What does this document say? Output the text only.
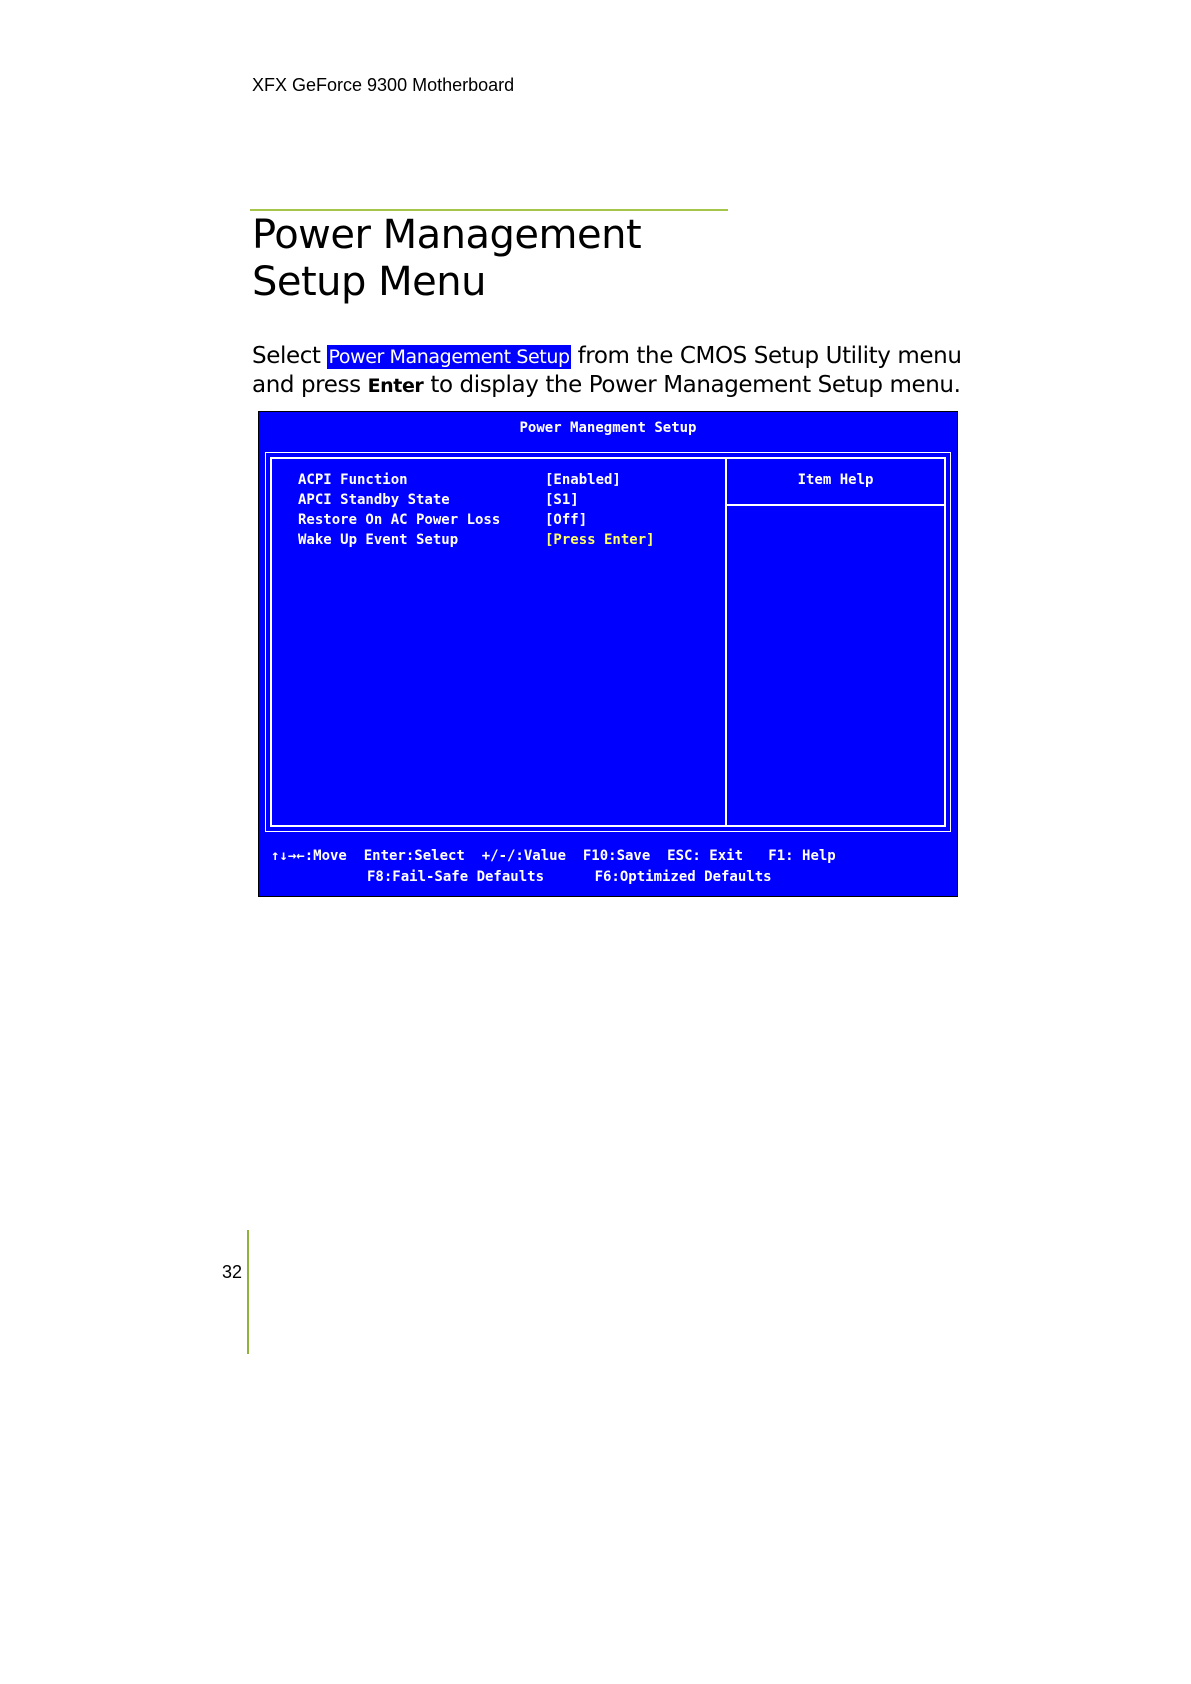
XFX GeForce 9300 Motherboard
Power Management Setup Menu
Select Power Management Setup from the CMOS Setup Utility menu and press Enter to display the Power Management Setup menu.
Power Manegment Setup
Item Help
ACPI Function	[Enabled]
APCI Standby State	[S1]
Restore On AC Power Loss	[Off]
Wake Up Event Setup	[Press Enter]

↑↓→←:Move  Enter:Select  +/-/:Value  F10:Save  ESC: Exit   F1: Help

F8:Fail-Safe Defaults      F6:Optimized Defaults

32
